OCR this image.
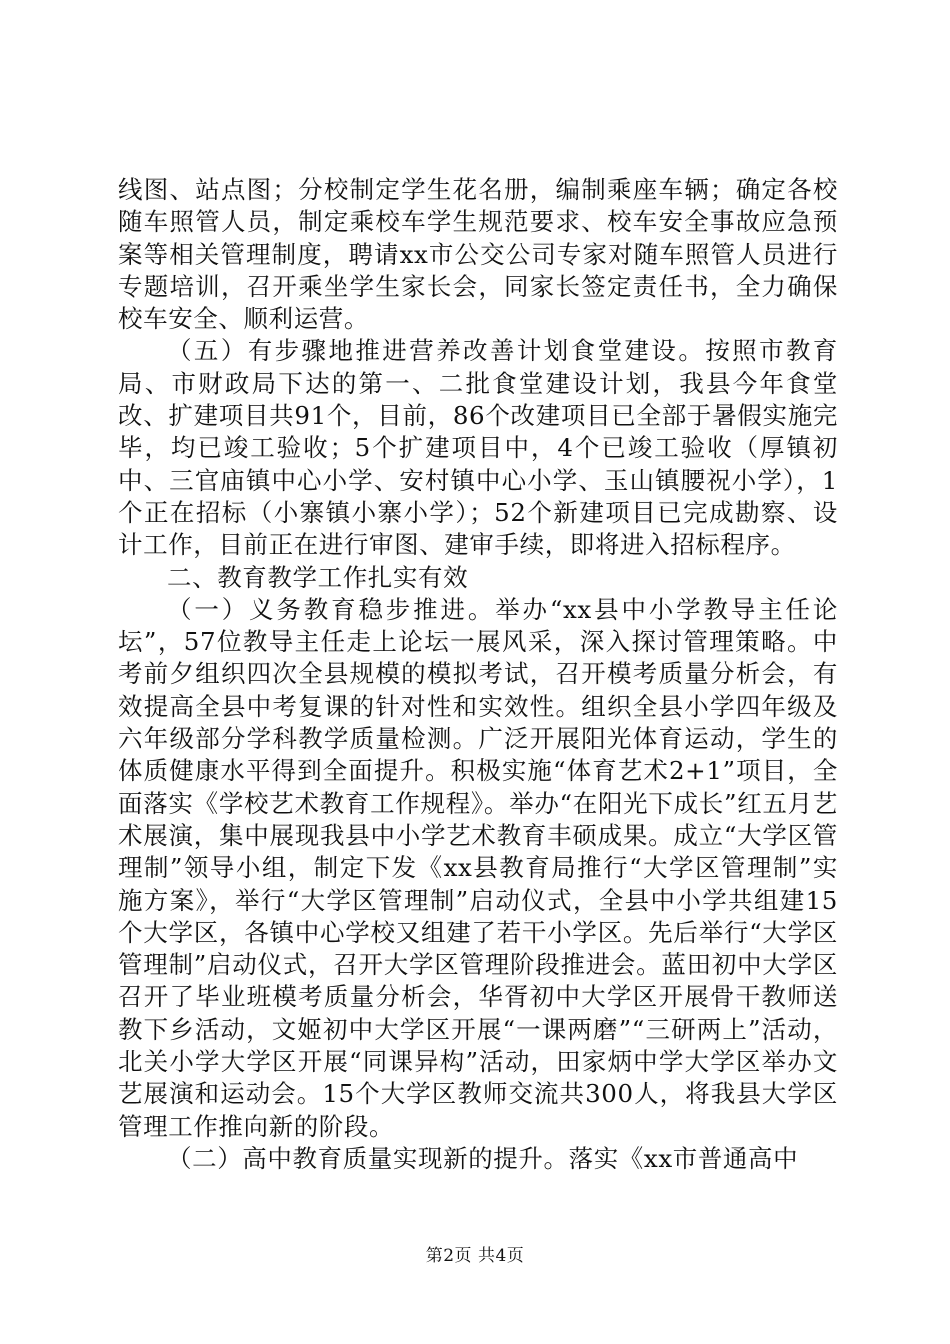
线图、站点图；分校制定学生花名册，编制乘座车辆；确定各校随车照管人员，制定乘校车学生规范要求、校车安全事故应急预案等相关管理制度，聘请xx市公交公司专家对随车照管人员进行专题培训，召开乘坐学生家长会，同家长签定责任书，全力确保校车安全、顺利运营。

（五）有步骤地推进营养改善计划食堂建设。按照市教育局、市财政局下达的第一、二批食堂建设计划，我县今年食堂改、扩建项目共91个，目前，86个改建项目已全部于暑假实施完毕，均已竣工验收；5个扩建项目中，4个已竣工验收（厚镇初中、三官庙镇中心小学、安村镇中心小学、玉山镇腰祝小学），1个正在招标（小寨镇小寨小学）；52个新建项目已完成勘察、设计工作，目前正在进行审图、建审手续，即将进入招标程序。

二、教育教学工作扎实有效

（一）义务教育稳步推进。举办“xx县中小学教导主任论坛”，57位教导主任走上论坛一展风采，深入探讨管理策略。中考前夕组织四次全县规模的模拟考试，召开模考质量分析会，有效提高全县中考复课的针对性和实效性。组织全县小学四年级及六年级部分学科教学质量检测。广泛开展阳光体育运动，学生的体质健康水平得到全面提升。积极实施“体育艺术2+1”项目，全面落实《学校艺术教育工作规程》。举办“在阳光下成长”红五月艺术展演，集中展现我县中小学艺术教育丰硕成果。成立“大学区管理制”领导小组，制定下发《xx县教育局推行“大学区管理制”实施方案》，举行“大学区管理制”启动仪式，全县中小学共组建15个大学区，各镇中心学校又组建了若干小学区。先后举行“大学区管理制”启动仪式，召开大学区管理阶段推进会。蓝田初中大学区召开了毕业班模考质量分析会，华胥初中大学区开展骨干教师送教下乡活动，文姬初中大学区开展“一课两磨”“三研两上”活动，北关小学大学区开展“同课异构”活动，田家炳中学大学区举办文艺展演和运动会。15个大学区教师交流共300人，将我县大学区管理工作推向新的阶段。

（二）高中教育质量实现新的提升。落实《xx市普通高中

第2页 共4页
